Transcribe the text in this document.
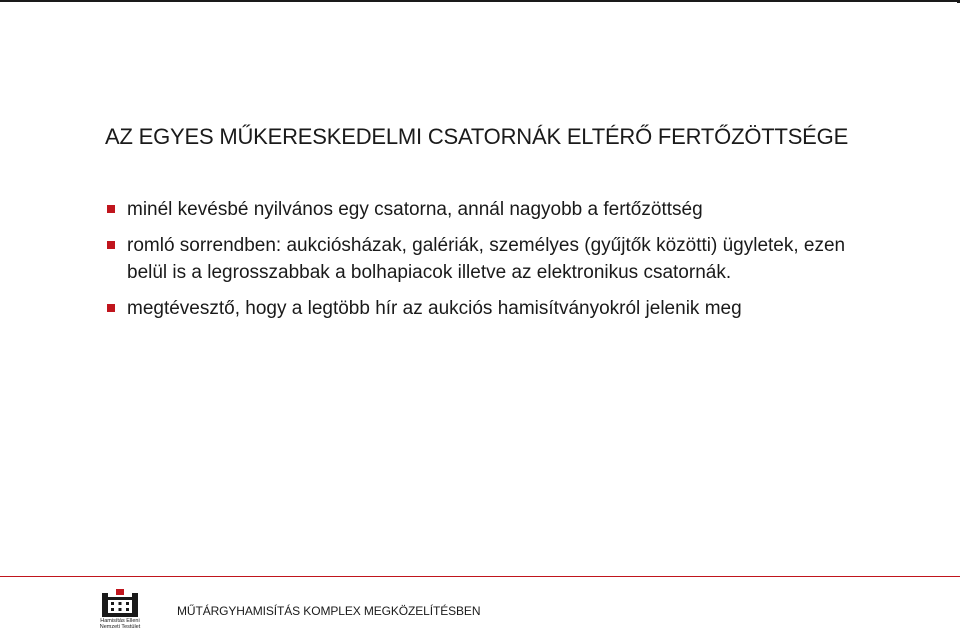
AZ EGYES MŰKERESKEDELMI CSATORNÁK ELTÉRŐ FERTŐZÖTTSÉGE
minél kevésbé nyilvános egy csatorna, annál nagyobb a fertőzöttség
romló sorrendben: aukciósházak, galériák, személyes (gyűjtők közötti) ügyletek, ezen belül is a legrosszabbak a bolhapiacok illetve az elektronikus csatornák.
megtévesztő, hogy a legtöbb hír az aukciós hamisítványokról jelenik meg
Hamisítás Elleni
Nemzeti Testület
MŰTÁRGYHAMISÍTÁS KOMPLEX MEGKÖZELÍTÉSBEN
